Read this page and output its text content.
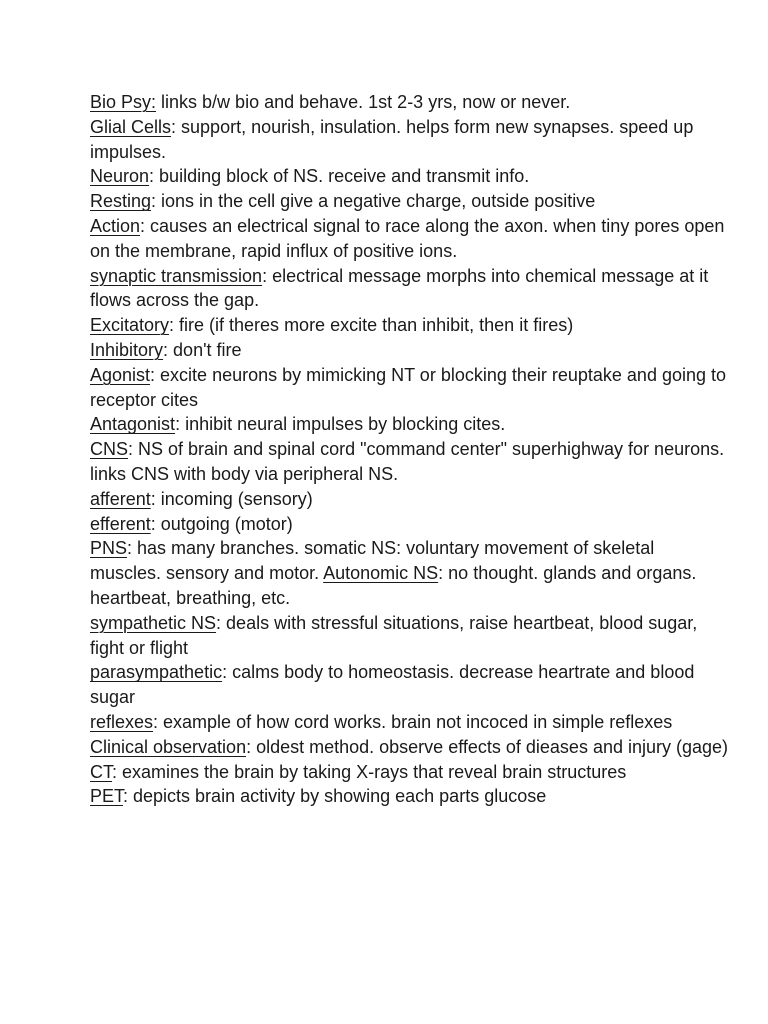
Bio Psy: links b/w bio and behave. 1st 2-3 yrs, now or never.

Glial Cells: support, nourish, insulation. helps form new synapses. speed up impulses.

Neuron: building block of NS. receive and transmit info.

Resting: ions in the cell give a negative charge, outside positive

Action: causes an electrical signal to race along the axon. when tiny pores open on the membrane, rapid influx of positive ions.

synaptic transmission: electrical message morphs into chemical message at it flows across the gap.

Excitatory: fire (if theres more excite than inhibit, then it fires)

Inhibitory: don't fire

Agonist: excite neurons by mimicking NT or blocking their reuptake and going to receptor cites

Antagonist: inhibit neural impulses by blocking cites.

CNS: NS of brain and spinal cord "command center" superhighway for neurons. links CNS with body via peripheral NS.

afferent: incoming (sensory)

efferent: outgoing (motor)

PNS: has many branches. somatic NS: voluntary movement of skeletal muscles. sensory and motor. Autonomic NS: no thought. glands and organs. heartbeat, breathing, etc.

sympathetic NS: deals with stressful situations, raise heartbeat, blood sugar, fight or flight

parasympathetic: calms body to homeostasis. decrease heartrate and blood sugar

reflexes: example of how cord works. brain not incoced in simple reflexes

Clinical observation: oldest method. observe effects of dieases and injury (gage)

CT: examines the brain by taking X-rays that reveal brain structures

PET: depicts brain activity by showing each parts glucose
